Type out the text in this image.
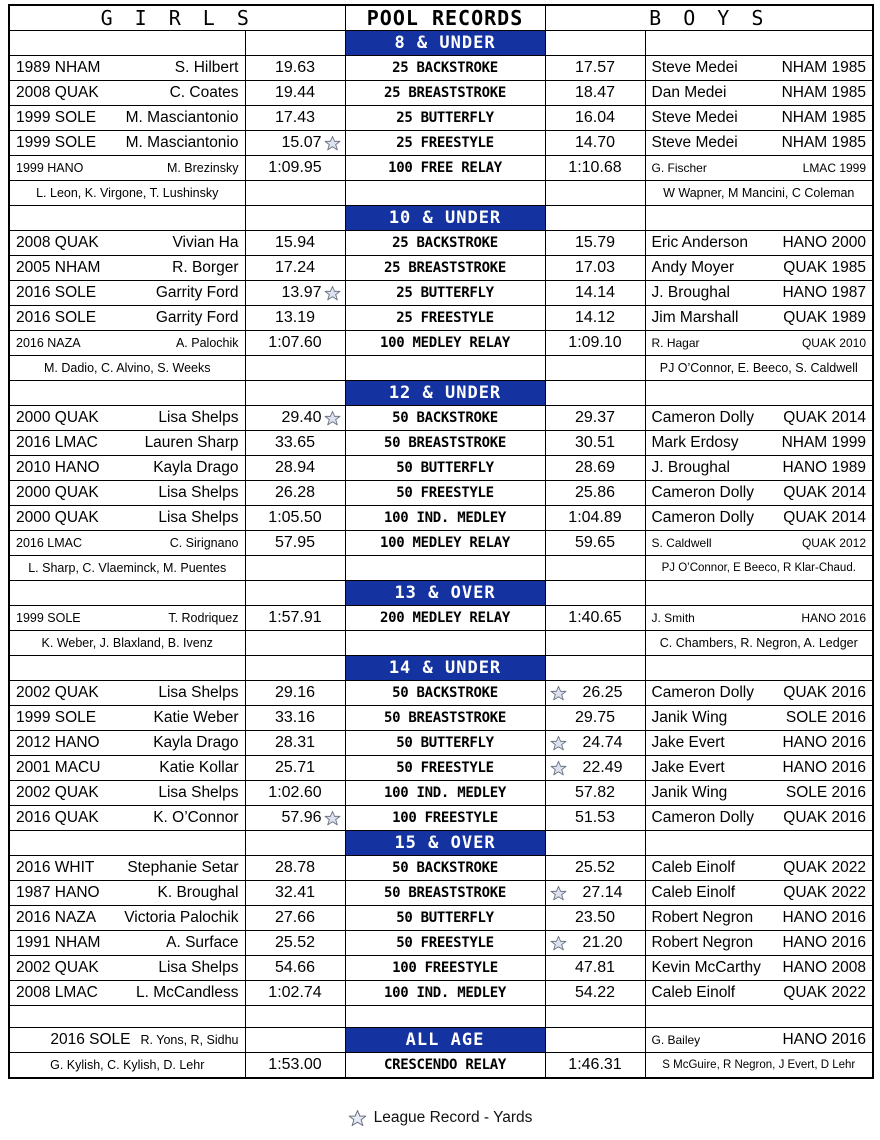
G I R L S		POOL RECORDS	B O Y S	
		8 & UNDER		

1989 NHAM S. Hilbert	19.63	25 BACKSTROKE	17.57	Steve Medei NHAM 1985

2008 QUAK C. Coates	19.44	25 BREASTSTROKE	18.47	Dan Medei NHAM 1985

1999 SOLE M. Masciantonio	17.43	25 BUTTERFLY	16.04	Steve Medei NHAM 1985

1999 SOLE M. Masciantonio	15.07	25 FREESTYLE	14.70	Steve Medei NHAM 1985

1999 HANO M. Brezinsky	1:09.95	100 FREE RELAY	1:10.68	G. Fischer LMAC 1999

L. Leon, K. Virgone, T. Lushinsky				W Wapner, M Mancini, C Coleman
		10 & UNDER		

2008 QUAK Vivian Ha	15.94	25 BACKSTROKE	15.79	Eric Anderson HANO 2000

2005 NHAM R. Borger	17.24	25 BREASTSTROKE	17.03	Andy Moyer QUAK 1985

2016 SOLE Garrity Ford	13.97	25 BUTTERFLY	14.14	J. Broughal HANO 1987

2016 SOLE Garrity Ford	13.19	25 FREESTYLE	14.12	Jim Marshall QUAK 1989

2016 NAZA A. Palochik	1:07.60	100 MEDLEY RELAY	1:09.10	R. Hagar QUAK 2010

M. Dadio, C. Alvino, S. Weeks				PJ O’Connor, E. Beeco, S. Caldwell
		12 & UNDER		

2000 QUAK Lisa Shelps	29.40	50 BACKSTROKE	29.37	Cameron Dolly QUAK 2014

2016 LMAC Lauren Sharp	33.65	50 BREASTSTROKE	30.51	Mark Erdosy NHAM 1999

2010 HANO Kayla Drago	28.94	50 BUTTERFLY	28.69	J. Broughal HANO 1989

2000 QUAK Lisa Shelps	26.28	50 FREESTYLE	25.86	Cameron Dolly QUAK 2014

2000 QUAK Lisa Shelps	1:05.50	100 IND. MEDLEY	1:04.89	Cameron Dolly QUAK 2014

2016 LMAC C. Sirignano	57.95	100 MEDLEY RELAY	59.65	S. Caldwell QUAK 2012

L. Sharp, C. Vlaeminck, M. Puentes				PJ O’Connor, E Beeco, R Klar-Chaud.
		13 & OVER		

1999 SOLE T. Rodriquez	1:57.91	200 MEDLEY RELAY	1:40.65	J. Smith HANO 2016

K. Weber, J. Blaxland, B. Ivenz				C. Chambers, R. Negron, A. Ledger
		14 & UNDER		

2002 QUAK Lisa Shelps	29.16	50 BACKSTROKE	26.25	Cameron Dolly QUAK 2016

1999 SOLE Katie Weber	33.16	50 BREASTSTROKE	29.75	Janik Wing SOLE 2016

2012 HANO Kayla Drago	28.31	50 BUTTERFLY	24.74	Jake Evert HANO 2016

2001 MACU Katie Kollar	25.71	50 FREESTYLE	22.49	Jake Evert HANO 2016

2002 QUAK Lisa Shelps	1:02.60	100 IND. MEDLEY	57.82	Janik Wing SOLE 2016

2016 QUAK K. O’Connor	57.96	100 FREESTYLE	51.53	Cameron Dolly QUAK 2016

		15 & OVER		

2016 WHIT Stephanie Setar	28.78	50 BACKSTROKE	25.52	Caleb Einolf QUAK 2022

1987 HANO K. Broughal	32.41	50 BREASTSTROKE	27.14	Caleb Einolf QUAK 2022

2016 NAZA Victoria Palochik	27.66	50 BUTTERFLY	23.50	Robert Negron HANO 2016

1991 NHAM A. Surface	25.52	50 FREESTYLE	21.20	Robert Negron HANO 2016

2002 QUAK Lisa Shelps	54.66	100 FREESTYLE	47.81	Kevin McCarthy HANO 2008

2008 LMAC L. McCandless	1:02.74	100 IND. MEDLEY	54.22	Caleb Einolf QUAK 2022

2016 SOLE R. Yons, R, Sidhu		ALL AGE		G. Bailey HANO 2016

G. Kylish, C. Kylish, D. Lehr	1:53.00	CRESCENDO RELAY	1:46.31	S McGuire, R Negron, J Evert, D Lehr
League Record - Yards
